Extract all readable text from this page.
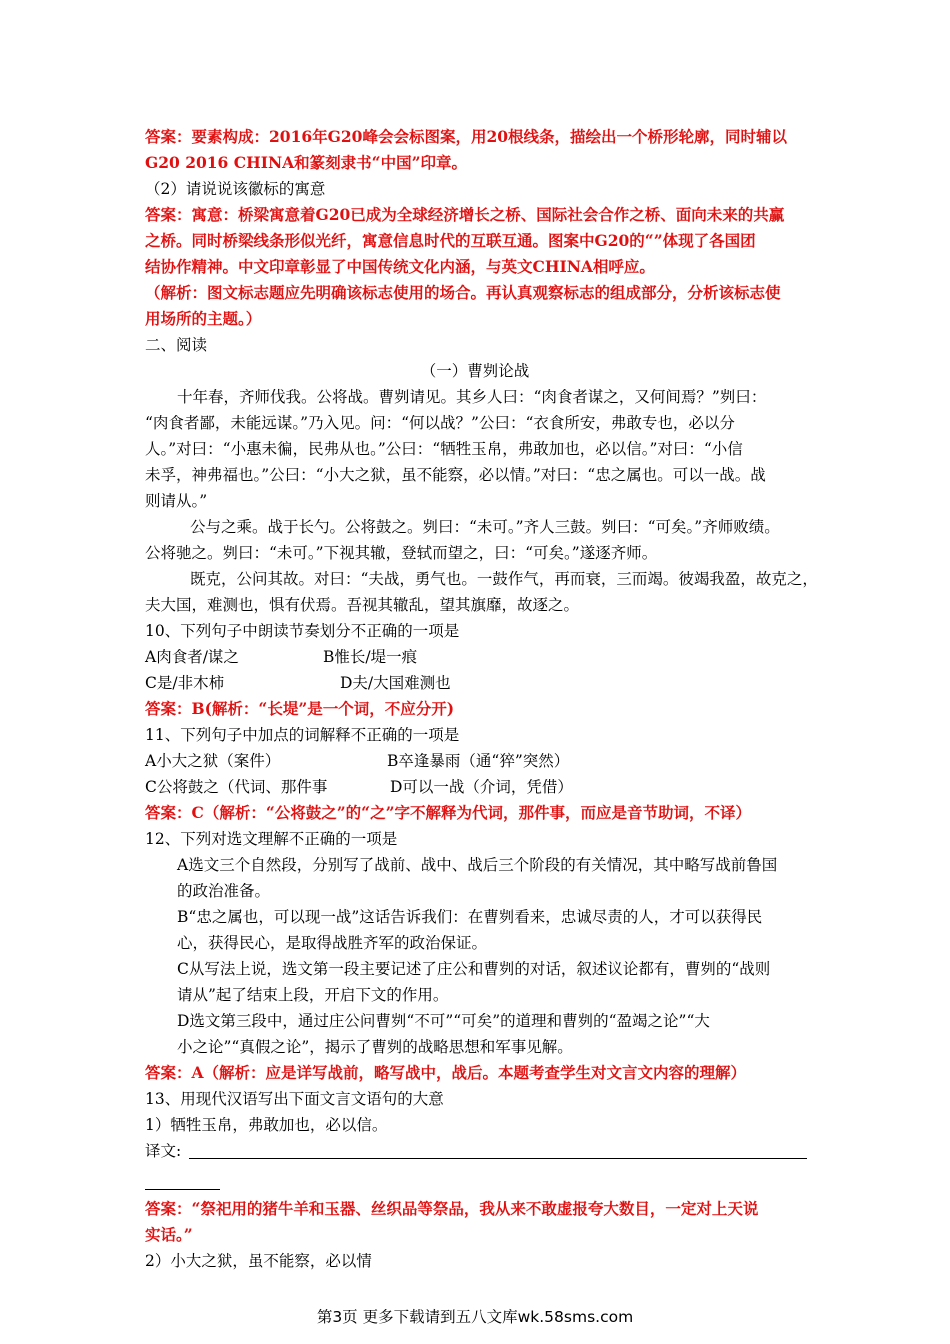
答案：要素构成：2016年G20峰会会标图案，用20根线条，描绘出一个桥形轮廓，同时辅以
G20 2016 CHINA和篆刻隶书“中国”印章。
（2）请说说该徽标的寓意
答案：寓意：桥梁寓意着G20已成为全球经济增长之桥、国际社会合作之桥、面向未来的共赢
之桥。同时桥梁线条形似光纤，寓意信息时代的互联互通。图案中G20的“”体现了各国团
结协作精神。中文印章彰显了中国传统文化内涵，与英文CHINA相呼应。
（解析：图文标志题应先明确该标志使用的场合。再认真观察标志的组成部分，分析该标志使
用场所的主题。）
二、阅读
（一）曹刿论战
十年春，齐师伐我。公将战。曹刿请见。其乡人曰：“肉食者谋之，又何间焉？”刿曰：
“肉食者鄙，未能远谋。”乃入见。问：“何以战？”公曰：“衣食所安，弗敢专也，必以分
人。”对曰：“小惠未徧，民弗从也。”公曰：“牺牲玉帛，弗敢加也，必以信。”对曰：“小信
未孚，神弗福也。”公曰：“小大之狱，虽不能察，必以情。”对曰：“忠之属也。可以一战。战
则请从。”
公与之乘。战于长勺。公将鼓之。刿曰：“未可。”齐人三鼓。刿曰：“可矣。”齐师败绩。
公将驰之。刿曰：“未可。”下视其辙，登轼而望之，曰：“可矣。”遂逐齐师。
既克，公问其故。对曰：“夫战，勇气也。一鼓作气，再而衰，三而竭。彼竭我盈，故克之，
夫大国，难测也，惧有伏焉。吾视其辙乱，望其旗靡，故逐之。
10、下列句子中朗读节奏划分不正确的一项是
A肉食者/谋之	B惟长/堤一痕
C是/非木柿	D夫/大国难测也
答案：B(解析：“长堤”是一个词，不应分开)
11、下列句子中加点的词解释不正确的一项是
A小大之狱（案件）	B卒逢暴雨（通“猝”突然）
C公将鼓之（代词、那件事	D可以一战（介词，凭借）
答案：C（解析：“公将鼓之”的“之”字不解释为代词，那件事，而应是音节助词，不译）
12、下列对选文理解不正确的一项是
A选文三个自然段，分别写了战前、战中、战后三个阶段的有关情况，其中略写战前鲁国
的政治准备。
B“忠之属也，可以现一战”这话告诉我们：在曹刿看来，忠诚尽责的人，才可以获得民
心，获得民心，是取得战胜齐军的政治保证。
C从写法上说，选文第一段主要记述了庄公和曹刿的对话，叙述议论都有，曹刿的“战则
请从”起了结束上段，开启下文的作用。
D选文第三段中，通过庄公问曹刿“不可”“可矣”的道理和曹刿的“盈竭之论”“大
小之论”“真假之论”，揭示了曹刿的战略思想和军事见解。
答案：A（解析：应是详写战前，略写战中，战后。本题考查学生对文言文内容的理解）
13、用现代汉语写出下面文言文语句的大意
1）牺牲玉帛，弗敢加也，必以信。
译文:
答案：“祭祀用的猪牛羊和玉器、丝织品等祭品，我从来不敢虚报夸大数目，一定对上天说
实话。”
2）小大之狱，虽不能察，必以情
第3页 更多下载请到五八文库wk.58sms.com
